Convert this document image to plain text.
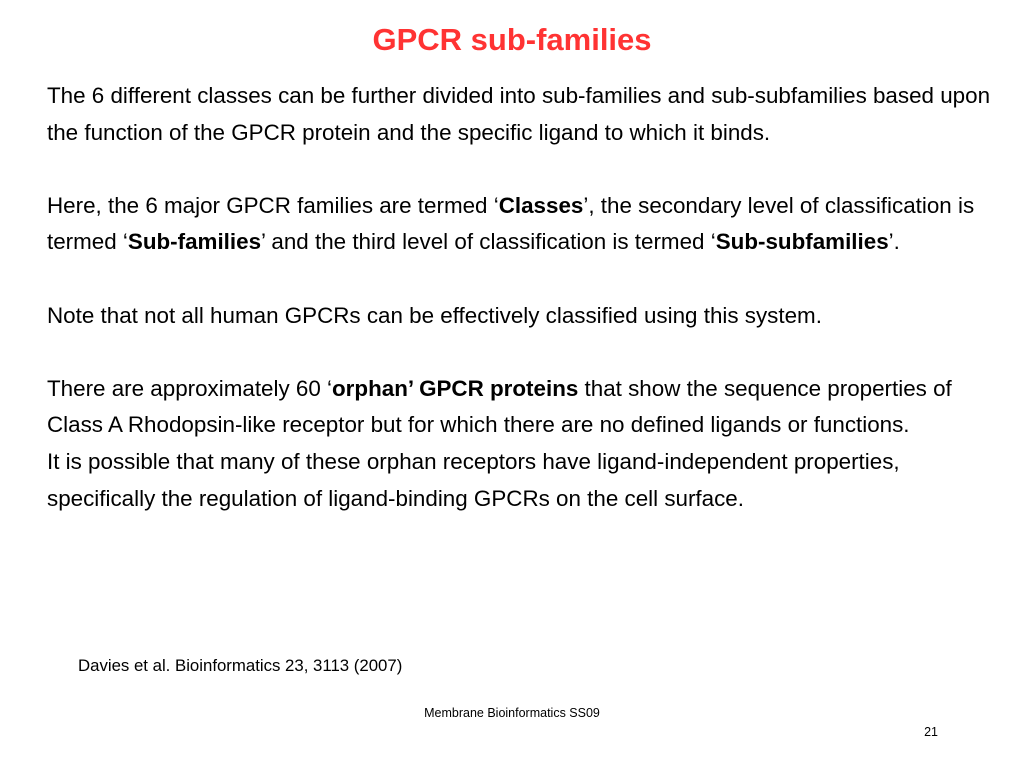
GPCR sub-families

The 6 different classes can be further divided into sub-families and sub-subfamilies based upon the function of the GPCR protein and the specific ligand to which it binds.

Here, the 6 major GPCR families are termed ‘Classes’, the secondary level of classification is termed ‘Sub-families’ and the third level of classification is termed ‘Sub-subfamilies’.

Note that not all human GPCRs can be effectively classified using this system.

There are approximately 60 ‘orphan’ GPCR proteins that show the sequence properties of Class A Rhodopsin-like receptor but for which there are no defined ligands or functions.

It is possible that many of these orphan receptors have ligand-independent properties, specifically the regulation of ligand-binding GPCRs on the cell surface.

Davies et al. Bioinformatics 23, 3113 (2007)
Membrane Bioinformatics SS09
21
